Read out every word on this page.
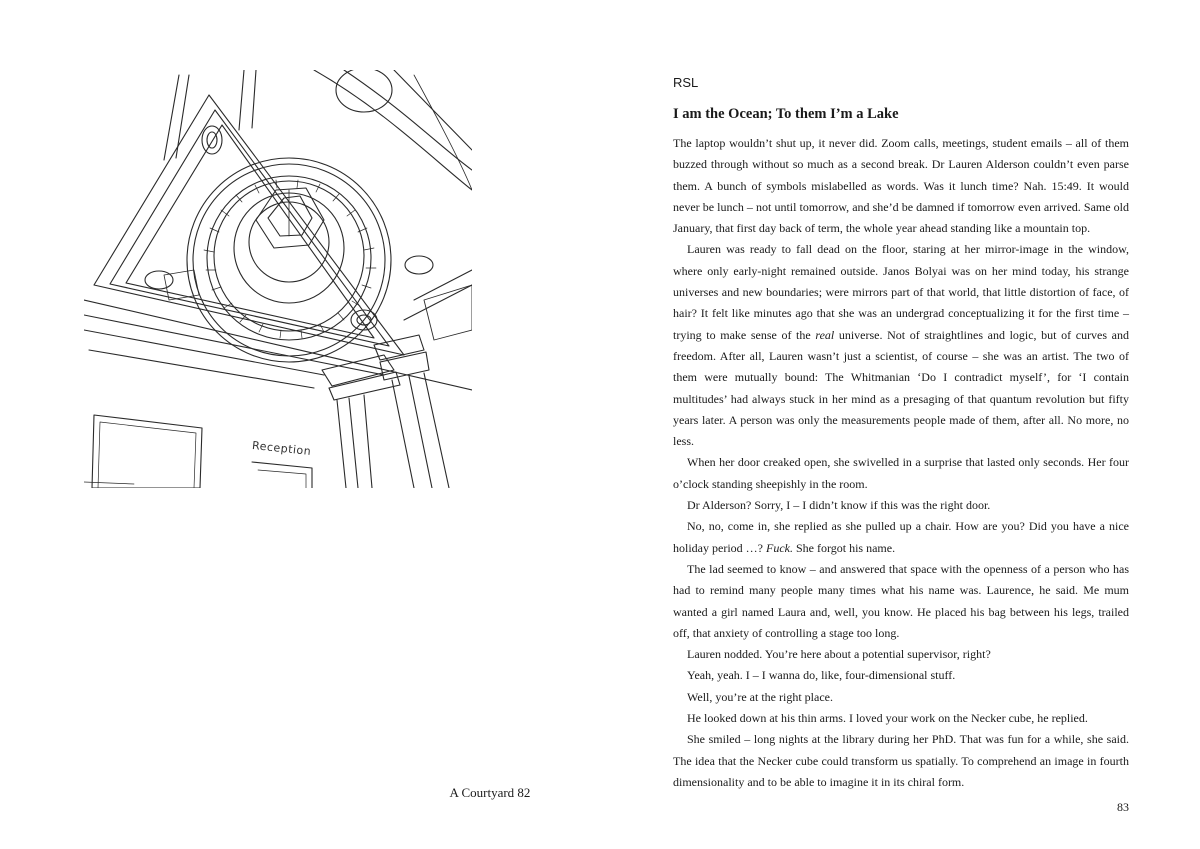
Reception
A Courtyard 82
RSL
I am the Ocean; To them I’m a Lake

The laptop wouldn’t shut up, it never did. Zoom calls, meetings, student emails – all of them buzzed through without so much as a second break. Dr Lauren Alderson couldn’t even parse them. A bunch of symbols mislabelled as words. Was it lunch time? Nah. 15:49. It would never be lunch – not until tomorrow, and she’d be damned if tomorrow even arrived. Same old January, that first day back of term, the whole year ahead standing like a mountain top.

Lauren was ready to fall dead on the floor, staring at her mirror-image in the window, where only early-night remained outside. Janos Bolyai was on her mind today, his strange universes and new boundaries; were mirrors part of that world, that little distortion of face, of hair? It felt like minutes ago that she was an undergrad conceptualizing it for the first time – trying to make sense of the real universe. Not of straightlines and logic, but of curves and freedom. After all, Lauren wasn’t just a scientist, of course – she was an artist. The two of them were mutually bound: The Whitmanian ‘Do I contradict myself’, for ‘I contain multitudes’ had always stuck in her mind as a presaging of that quantum revolution but fifty years later. A person was only the measurements people made of them, after all. No more, no less.

When her door creaked open, she swivelled in a surprise that lasted only seconds. Her four o’clock standing sheepishly in the room.

Dr Alderson? Sorry, I – I didn’t know if this was the right door.

No, no, come in, she replied as she pulled up a chair. How are you? Did you have a nice holiday period …? Fuck. She forgot his name.

The lad seemed to know – and answered that space with the openness of a person who has had to remind many people many times what his name was. Laurence, he said. Me mum wanted a girl named Laura and, well, you know. He placed his bag between his legs, trailed off, that anxiety of controlling a stage too long.

Lauren nodded. You’re here about a potential supervisor, right?

Yeah, yeah. I – I wanna do, like, four-dimensional stuff.

Well, you’re at the right place.

He looked down at his thin arms. I loved your work on the Necker cube, he replied.

She smiled – long nights at the library during her PhD. That was fun for a while, she said. The idea that the Necker cube could transform us spatially. To comprehend an image in fourth dimensionality and to be able to imagine it in its chiral form.

83
